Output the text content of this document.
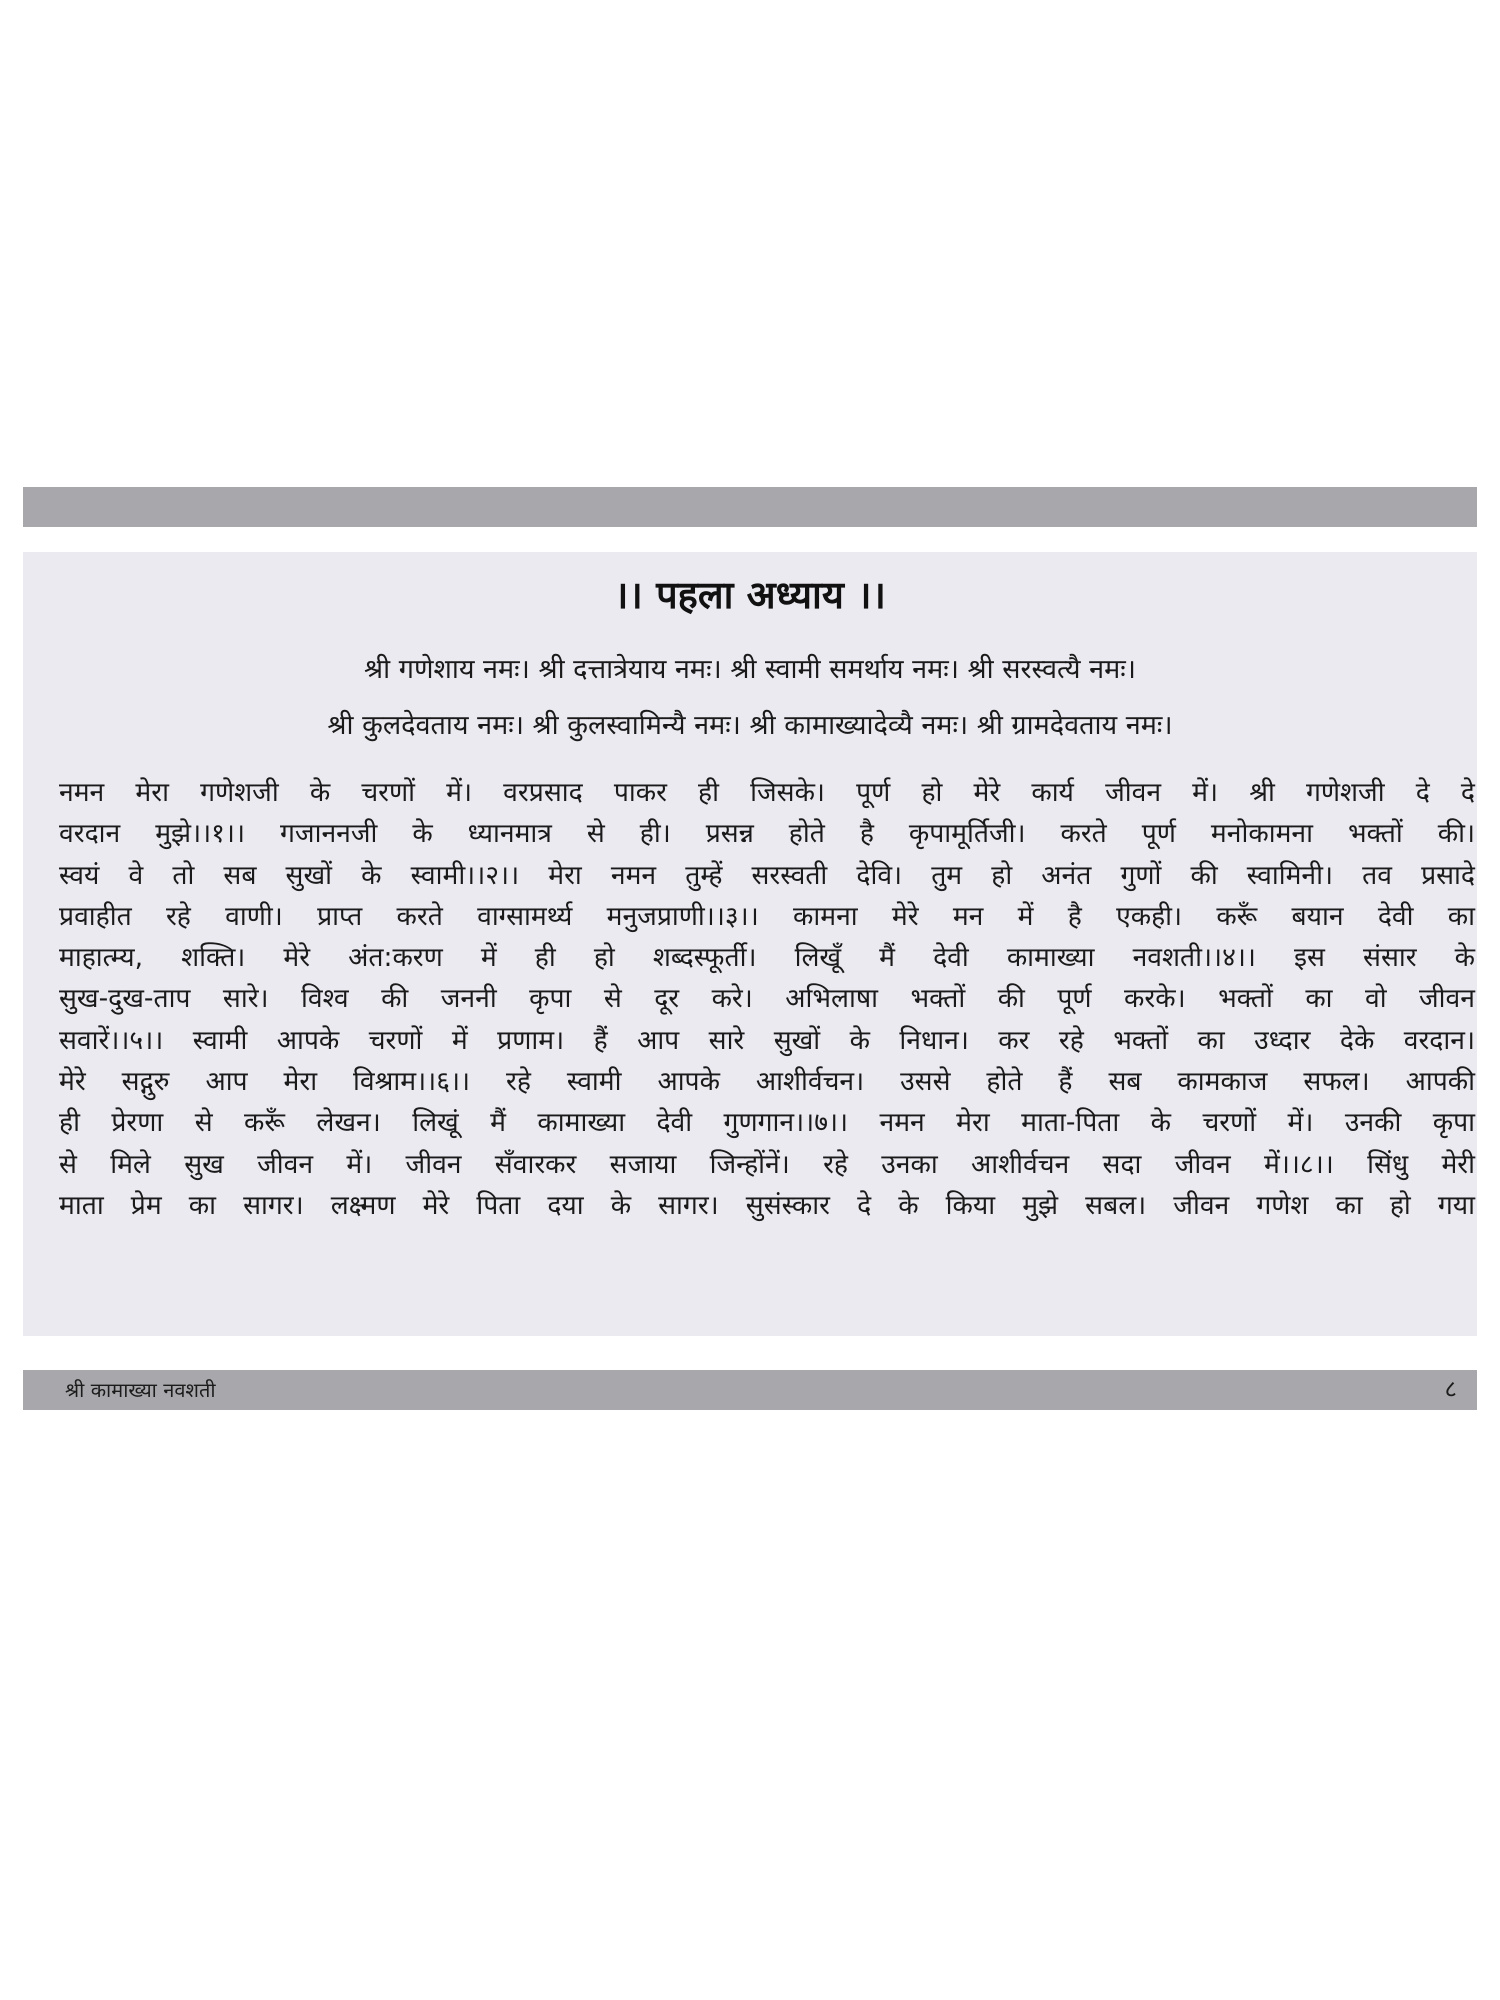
।। पहला अध्याय ।।
श्री गणेशाय नमः। श्री दत्तात्रेयाय नमः। श्री स्वामी समर्थाय नमः। श्री सरस्वत्यै नमः।
श्री कुलदेवताय नमः। श्री कुलस्वामिन्यै नमः। श्री कामाख्यादेव्यै नमः। श्री ग्रामदेवताय नमः।
नमन मेरा गणेशजी के चरणों में। वरप्रसाद पाकर ही जिसके। पूर्ण हो मेरे कार्य जीवन में। श्री गणेशजी दे दे
वरदान मुझे।।१।। गजाननजी के ध्यानमात्र से ही। प्रसन्न होते है कृपामूर्तिजी। करते पूर्ण मनोकामना भक्तों की।
स्वयं वे तो सब सुखों के स्वामी।।२।। मेरा नमन तुम्हें सरस्वती देवि। तुम हो अनंत गुणों की स्वामिनी। तव प्रसादे
प्रवाहीत रहे वाणी। प्राप्त करते वाग्सामर्थ्य मनुजप्राणी।।३।। कामना मेरे मन में है एकही। करूँ बयान देवी का
माहात्म्य, शक्ति। मेरे अंत:करण में ही हो शब्दस्फूर्ती। लिखूँ मैं देवी कामाख्या नवशती।।४।। इस संसार के
सुख-दुख-ताप सारे। विश्व की जननी कृपा से दूर करे। अभिलाषा भक्तों की पूर्ण करके। भक्तों का वो जीवन
सवारें।।५।। स्वामी आपके चरणों में प्रणाम। हैं आप सारे सुखों के निधान। कर रहे भक्तों का उध्दार देके वरदान।
मेरे सद्गुरु आप मेरा विश्राम।।६।। रहे स्वामी आपके आशीर्वचन। उससे होते हैं सब कामकाज सफल। आपकी
ही प्रेरणा से करूँ लेखन। लिखूं मैं कामाख्या देवी गुणगान।।७।। नमन मेरा माता-पिता के चरणों में। उनकी कृपा
से मिले सुख जीवन में। जीवन सँवारकर सजाया जिन्होंनें। रहे उनका आशीर्वचन सदा जीवन में।।८।। सिंधु मेरी
माता प्रेम का सागर। लक्ष्मण मेरे पिता दया के सागर। सुसंस्कार दे के किया मुझे सबल। जीवन गणेश का हो गया
श्री कामाख्या नवशती	८
